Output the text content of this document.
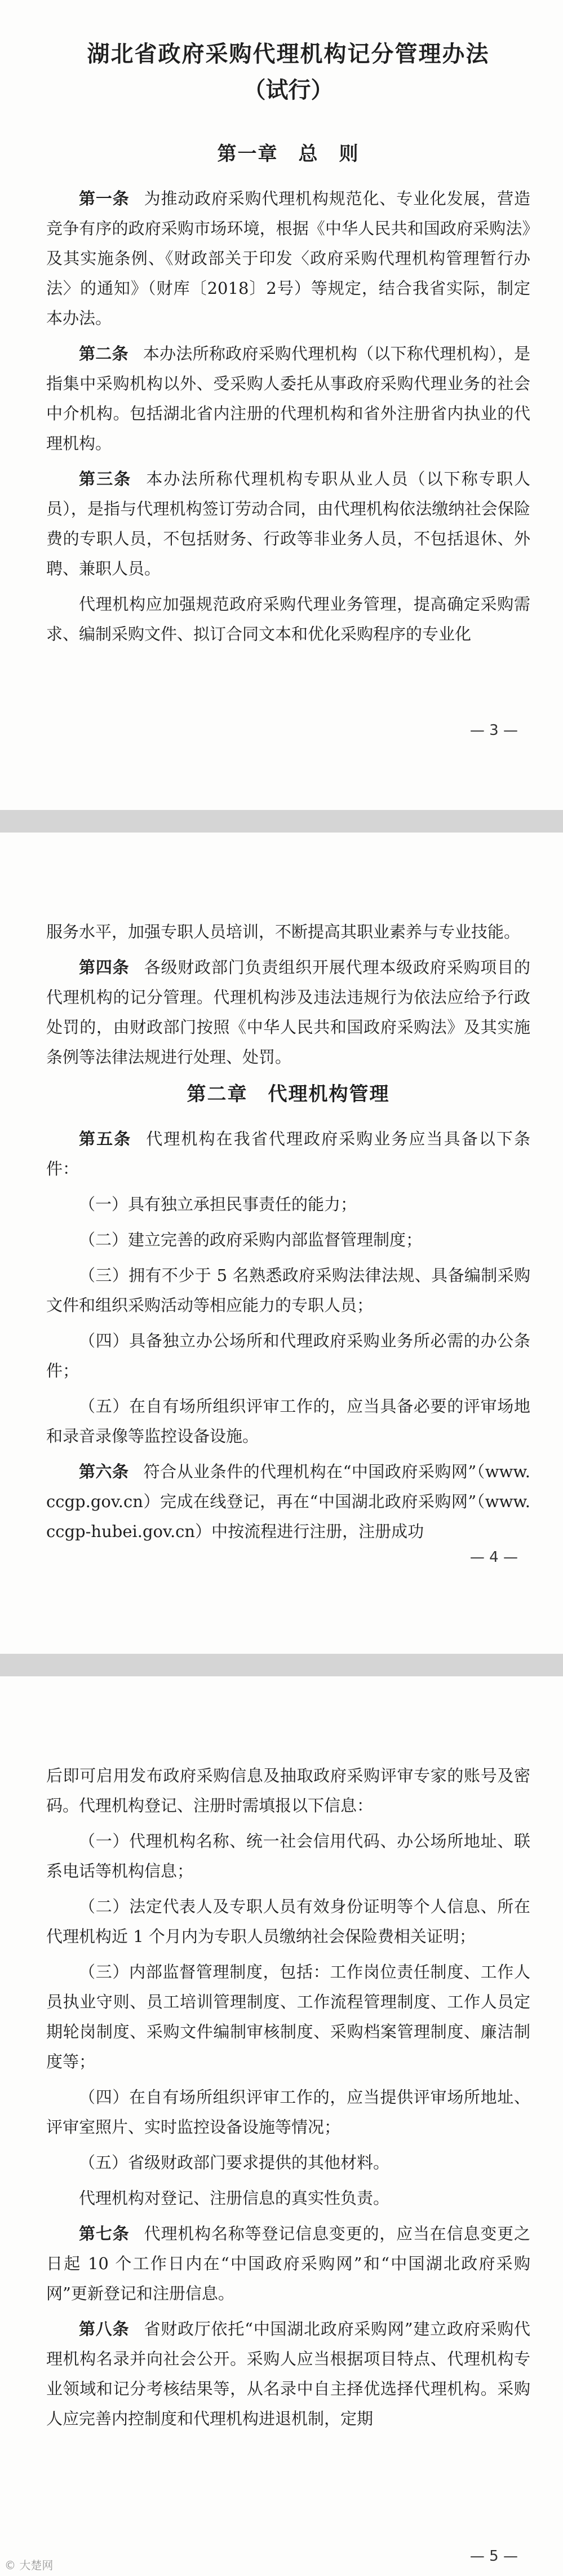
湖北省政府采购代理机构记分管理办法
（试行）
第一章　总　则

第一条 为推动政府采购代理机构规范化、专业化发展，营造竞争有序的政府采购市场环境，根据《中华人民共和国政府采购法》及其实施条例、《财政部关于印发〈政府采购代理机构管理暂行办法〉的通知》（财库〔2018〕2号）等规定，结合我省实际，制定本办法。

第二条 本办法所称政府采购代理机构（以下称代理机构），是指集中采购机构以外、受采购人委托从事政府采购代理业务的社会中介机构。包括湖北省内注册的代理机构和省外注册省内执业的代理机构。

第三条 本办法所称代理机构专职从业人员（以下称专职人员），是指与代理机构签订劳动合同，由代理机构依法缴纳社会保险费的专职人员，不包括财务、行政等非业务人员，不包括退休、外聘、兼职人员。

代理机构应加强规范政府采购代理业务管理，提高确定采购需求、编制采购文件、拟订合同文本和优化采购程序的专业化

— 3 —

服务水平，加强专职人员培训，不断提高其职业素养与专业技能。

第四条 各级财政部门负责组织开展代理本级政府采购项目的代理机构的记分管理。代理机构涉及违法违规行为依法应给予行政处罚的，由财政部门按照《中华人民共和国政府采购法》及其实施条例等法律法规进行处理、处罚。

第二章　代理机构管理

第五条 代理机构在我省代理政府采购业务应当具备以下条件：

（一）具有独立承担民事责任的能力；

（二）建立完善的政府采购内部监督管理制度；

（三）拥有不少于 5 名熟悉政府采购法律法规、具备编制采购文件和组织采购活动等相应能力的专职人员；

（四）具备独立办公场所和代理政府采购业务所必需的办公条件；

（五）在自有场所组织评审工作的，应当具备必要的评审场地和录音录像等监控设备设施。

第六条 符合从业条件的代理机构在“中国政府采购网”（www.ccgp.gov.cn）完成在线登记，再在“中国湖北政府采购网”（www.ccgp-hubei.gov.cn）中按流程进行注册，注册成功

— 4 —

后即可启用发布政府采购信息及抽取政府采购评审专家的账号及密码。代理机构登记、注册时需填报以下信息：

（一）代理机构名称、统一社会信用代码、办公场所地址、联系电话等机构信息；

（二）法定代表人及专职人员有效身份证明等个人信息、所在代理机构近 1 个月内为专职人员缴纳社会保险费相关证明；

（三）内部监督管理制度，包括：工作岗位责任制度、工作人员执业守则、员工培训管理制度、工作流程管理制度、工作人员定期轮岗制度、采购文件编制审核制度、采购档案管理制度、廉洁制度等；

（四）在自有场所组织评审工作的，应当提供评审场所地址、评审室照片、实时监控设备设施等情况；

（五）省级财政部门要求提供的其他材料。

代理机构对登记、注册信息的真实性负责。

第七条 代理机构名称等登记信息变更的，应当在信息变更之日起 10 个工作日内在“中国政府采购网”和“中国湖北政府采购网”更新登记和注册信息。

第八条 省财政厅依托“中国湖北政府采购网”建立政府采购代理机构名录并向社会公开。采购人应当根据项目特点、代理机构专业领域和记分考核结果等，从名录中自主择优选择代理机构。采购人应完善内控制度和代理机构进退机制，定期

— 5 —
© 大楚网
